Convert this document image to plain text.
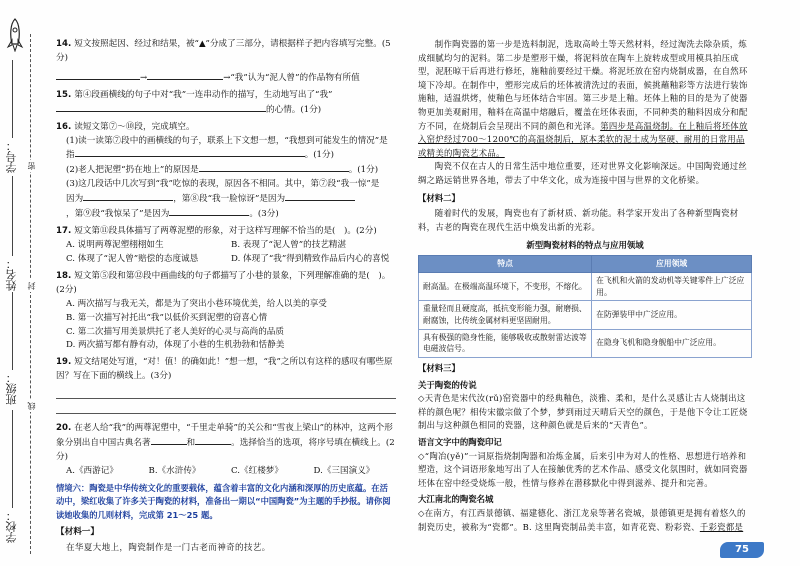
学号：
姓名：
班级：
学校：
密
封
线
14. 短文按照起因、经过和结果，被“▲”分成了三部分，请根据样子把内容填写完整。(5分)
→	→“我”认为“泥人曾”的作品物有所值
15. 第④段画横线的句子中对“我”一连串动作的描写，生动地写出了“我”
的心情。(1分)
16. 读短文第⑦～⑩段，完成填空。
(1)读一读第⑦段中的画横线的句子，联系上下文想一想，“我想到可能发生的情况”是
指	。(1分)
(2)老人把泥塑“扔在地上”的原因是	。(1分)
(3)这几段话中几次写到“我”吃惊的表现，原因各不相同。其中，第⑦段“我一惊”是
因为	，第⑧段“我一脸惊讶”是因为
，第⑨段“我惊呆了”是因为	。(3分)
17. 短文第⑪段具体描写了两尊泥塑的形象，对于这样写理解不恰当的是(　)。(2分)
A. 说明两尊泥塑栩栩如生	B. 表现了“泥人曾”的技艺精湛
C. 体现了“泥人曾”赔偿的态度诚恳	D. 体现了“我”得到精致作品后内心的喜悦
18. 短文第⑤段和第⑫段中画曲线的句子都描写了小巷的景象，下列理解准确的是(　)。(2分)
A. 两次描写与我无关，都是为了突出小巷环境优美，给人以美的享受
B. 第一次描写衬托出“我”以低价买到泥塑的窃喜心情
C. 第二次描写用美景烘托了老人美好的心灵与高尚的品质
D. 两次描写都有静有动，体现了小巷的生机勃勃和恬静美
19. 短文结尾处写道，“对！值！的确如此！”想一想，“我”之所以有这样的感叹有哪些原因？写在下面的横线上。(3分)
20. 在老人给“我”的两尊泥塑中，“千里走单骑”的关公和“雪夜上梁山”的林冲，这两个形象分别出自中国古典名著	和	。选择恰当的选项，将序号填在横线上。(2分)
A.《西游记》	B.《水浒传》	C.《红楼梦》	D.《三国演义》
情境六：陶瓷是中华传统文化的重要载体，蕴含着丰富的文化内涵和深厚的历史底蕴。在活动中，梁红收集了许多关于陶瓷的材料，准备出一期以“中国陶瓷”为主题的手抄报。请你阅读她收集的几则材料，完成第 21～25 题。
【材料一】
在华夏大地上，陶瓷制作是一门古老而神奇的技艺。
制作陶瓷器的第一步是选料制泥，选取高岭土等天然材料，经过淘洗去除杂质，炼成细腻均匀的泥料。第二步是塑形干燥，将泥料放在陶车上旋转成型或用模具拍压成型，泥胚晾干后再进行修坯，施釉前要经过干燥。将泥坯放在窑内烧制成器，在自然环境下冷却。在制作中，塑形完成后的坯体被清洗过的表面，候挑蘸釉彩等方法进行装饰施釉，适温烘烤，使釉色与坯体结合牢固。第三步是上釉。坯体上釉的目的是为了使器物更加美观耐用，釉料在高温中熔融后，覆盖在坯体表面，不同种类的釉料因成分和配方不同，在烧制后会呈现出不同的颜色和光泽。第四步是高温烧制。在上釉后将坯体放入窑炉经过700～1200℃的高温烧制后，原本柔软的泥土成为坚硬、耐用的日常用品或精美的陶瓷艺术品。
陶瓷不仅在古人的日常生活中地位重要，还对世界文化影响深远。中国陶瓷通过丝绸之路远销世界各地，带去了中华文化，成为连接中国与世界的文化桥梁。
【材料二】
随着时代的发展，陶瓷也有了新材质、新功能。科学家开发出了各种新型陶瓷材料，古老的陶瓷在现代生活中焕发出新的光彩。
新型陶瓷材料的特点与应用领域
特点	应用领域
耐高温。在极端高温环境下，不变形，不熔化。	在飞机和火箭的发动机等关键零件上广泛应用。
重量轻而且硬度高，抵抗变形能力强，耐磨损、耐腐蚀，比传统金属材料更坚固耐用。	在防弹装甲中广泛应用。
具有极强的隐身性能，能够吸收或散射雷达波等电磁波信号。	在隐身飞机和隐身舰船中广泛应用。
【材料三】
关于陶瓷的传说
◇天青色是宋代汝(rǔ)窑瓷器中的经典釉色，淡雅、柔和，是什么灵感让古人烧制出这样的颜色呢？相传宋徽宗做了个梦，梦到雨过天晴后天空的颜色，于是他下令让工匠烧制出与这种颜色相同的瓷器，这种颜色就是后来的“天青色”。
语言文字中的陶瓷印记
◇“陶冶(yě)”一词原指烧制陶器和冶炼金属，后来引申为对人的性格、思想进行培养和塑造，这个词语形象地写出了人在接触优秀的艺术作品、感受文化氛围时，就如同瓷器坯体在窑中经受烧炼一般，性情与修养在潜移默化中得到滋养、提升和完善。
大江南北的陶瓷名城
◇在南方，有江西景德镇、福建德化、浙江龙泉等著名瓷城，景德镇更是拥有着悠久的制瓷历史，被称为“瓷都”。B. 这里陶瓷制品美丰富，如青花瓷、粉彩瓷、千彩瓷都是
75
